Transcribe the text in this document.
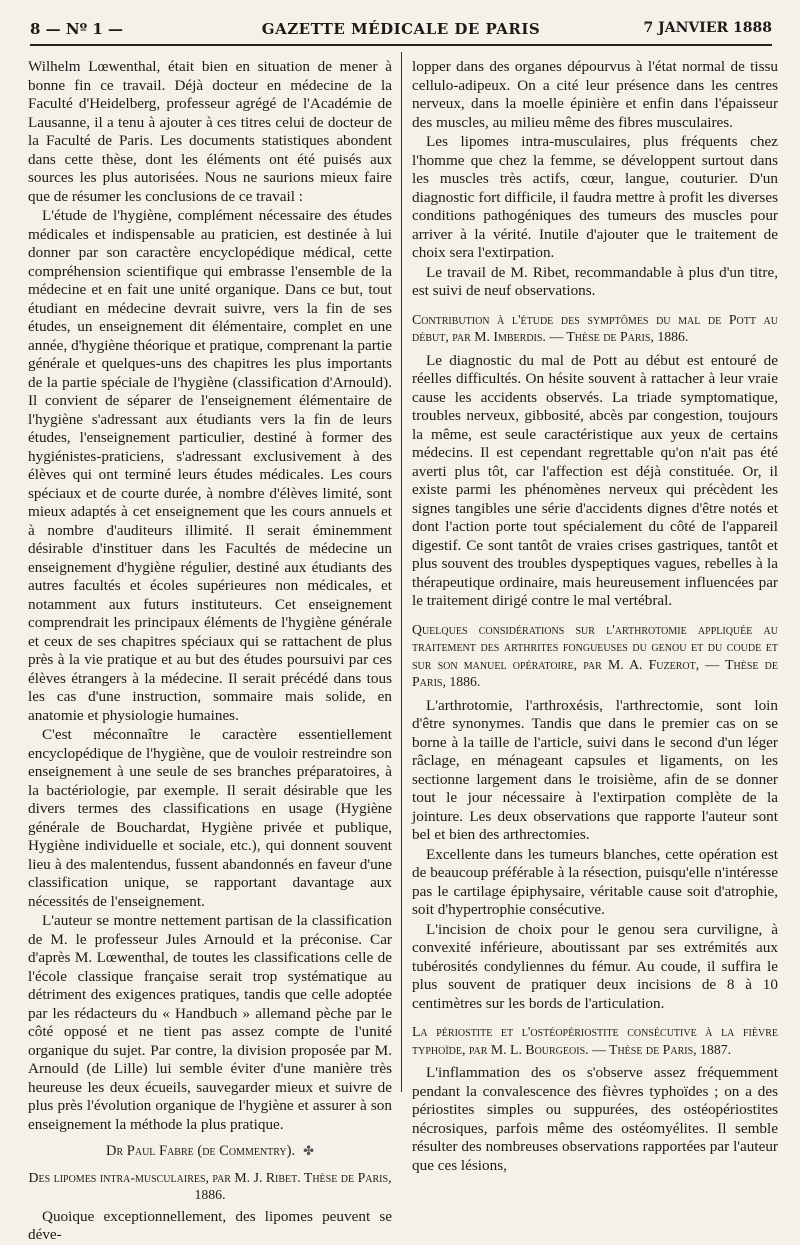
8 — Nº 1 —	GAZETTE MÉDICALE DE PARIS	7 JANVIER 1888

Wilhelm Lœwenthal, était bien en situation de mener à bonne fin ce travail. Déjà docteur en médecine de la Faculté d'Heidelberg, professeur agrégé de l'Académie de Lausanne, il a tenu à ajouter à ces titres celui de docteur de la Faculté de Paris. Les documents statistiques abondent dans cette thèse, dont les éléments ont été puisés aux sources les plus autorisées. Nous ne saurions mieux faire que de résumer les conclusions de ce travail :

L'étude de l'hygiène, complément nécessaire des études médicales et indispensable au praticien, est destinée à lui donner par son caractère encyclopédique médical, cette compréhension scientifique qui embrasse l'ensemble de la médecine et en fait une unité organique. Dans ce but, tout étudiant en médecine devrait suivre, vers la fin de ses études, un enseignement dit élémentaire, complet en une année, d'hygiène théorique et pratique, comprenant la partie générale et quelques-uns des chapitres les plus importants de la partie spéciale de l'hygiène (classification d'Arnould). Il convient de séparer de l'enseignement élémentaire de l'hygiène s'adressant aux étudiants vers la fin de leurs études, l'enseignement particulier, destiné à former des hygiénistes-praticiens, s'adressant exclusivement à des élèves qui ont terminé leurs études médicales. Les cours spéciaux et de courte durée, à nombre d'élèves limité, sont mieux adaptés à cet enseignement que les cours annuels et à nombre d'auditeurs illimité. Il serait éminemment désirable d'instituer dans les Facultés de médecine un enseignement d'hygiène régulier, destiné aux étudiants des autres facultés et écoles supérieures non médicales, et notamment aux futurs instituteurs. Cet enseignement comprendrait les principaux éléments de l'hygiène générale et ceux de ses chapitres spéciaux qui se rattachent de plus près à la vie pratique et au but des études poursuivi par ces élèves étrangers à la médecine. Il serait précédé dans tous les cas d'une instruction, sommaire mais solide, en anatomie et physiologie humaines.

C'est méconnaître le caractère essentiellement encyclopédique de l'hygiène, que de vouloir restreindre son enseignement à une seule de ses branches préparatoires, à la bactériologie, par exemple. Il serait désirable que les divers termes des classifications en usage (Hygiène générale de Bouchardat, Hygiène privée et publique, Hygiène individuelle et sociale, etc.), qui donnent souvent lieu à des malentendus, fussent abandonnés en faveur d'une classification unique, se rapportant davantage aux nécessités de l'enseignement.

L'auteur se montre nettement partisan de la classification de M. le professeur Jules Arnould et la préconise. Car d'après M. Lœwenthal, de toutes les classifications celle de l'école classique française serait trop systématique au détriment des exigences pratiques, tandis que celle adoptée par les rédacteurs du « Handbuch » allemand pèche par le côté opposé et ne tient pas assez compte de l'unité organique du sujet. Par contre, la division proposée par M. Arnould (de Lille) lui semble éviter d'une manière très heureuse les deux écueils, sauvegarder mieux et suivre de plus près l'évolution organique de l'hygiène et assurer à son enseignement la méthode la plus pratique.

Dr Paul Fabre (de Commentry). ✤
Des lipomes intra-musculaires, par M. J. Ribet. Thèse de Paris, 1886.

Quoique exceptionnellement, des lipomes peuvent se déve-

lopper dans des organes dépourvus à l'état normal de tissu cellulo-adipeux. On a cité leur présence dans les centres nerveux, dans la moelle épinière et enfin dans l'épaisseur des muscles, au milieu même des fibres musculaires.

Les lipomes intra-musculaires, plus fréquents chez l'homme que chez la femme, se développent surtout dans les muscles très actifs, cœur, langue, couturier. D'un diagnostic fort difficile, il faudra mettre à profit les diverses conditions pathogéniques des tumeurs des muscles pour arriver à la vérité. Inutile d'ajouter que le traitement de choix sera l'extirpation.

Le travail de M. Ribet, recommandable à plus d'un titre, est suivi de neuf observations.

Contribution à l'étude des symptômes du mal de Pott au début, par M. Imberdis. — Thèse de Paris, 1886.

Le diagnostic du mal de Pott au début est entouré de réelles difficultés. On hésite souvent à rattacher à leur vraie cause les accidents observés. La triade symptomatique, troubles nerveux, gibbosité, abcès par congestion, toujours la même, est seule caractéristique aux yeux de certains médecins. Il est cependant regrettable qu'on n'ait pas été averti plus tôt, car l'affection est déjà constituée. Or, il existe parmi les phénomènes nerveux qui précèdent les signes tangibles une série d'accidents dignes d'être notés et dont l'action porte tout spécialement du côté de l'appareil digestif. Ce sont tantôt de vraies crises gastriques, tantôt et plus souvent des troubles dyspeptiques vagues, rebelles à la thérapeutique ordinaire, mais heureusement influencées par le traitement dirigé contre le mal vertébral.

Quelques considérations sur l'arthrotomie appliquée au traitement des arthrites fongueuses du genou et du coude et sur son manuel opératoire, par M. A. Fuzerot, — Thèse de Paris, 1886.

L'arthrotomie, l'arthroxésis, l'arthrectomie, sont loin d'être synonymes. Tandis que dans le premier cas on se borne à la taille de l'article, suivi dans le second d'un léger râclage, en ménageant capsules et ligaments, on les sectionne largement dans le troisième, afin de se donner tout le jour nécessaire à l'extirpation complète de la jointure. Les deux observations que rapporte l'auteur sont bel et bien des arthrectomies.

Excellente dans les tumeurs blanches, cette opération est de beaucoup préférable à la résection, puisqu'elle n'intéresse pas le cartilage épiphysaire, véritable cause soit d'atrophie, soit d'hypertrophie consécutive.

L'incision de choix pour le genou sera curviligne, à convexité inférieure, aboutissant par ses extrémités aux tubérosités condyliennes du fémur. Au coude, il suffira le plus souvent de pratiquer deux incisions de 8 à 10 centimètres sur les bords de l'articulation.

La périostite et l'ostéopériostite consécutive à la fièvre typhoïde, par M. L. Bourgeois. — Thèse de Paris, 1887.

L'inflammation des os s'observe assez fréquemment pendant la convalescence des fièvres typhoïdes ; on a des périostites simples ou suppurées, des ostéopériostites nécrosiques, parfois même des ostéomyélites. Il semble résulter des nombreuses observations rapportées par l'auteur que ces lésions,
